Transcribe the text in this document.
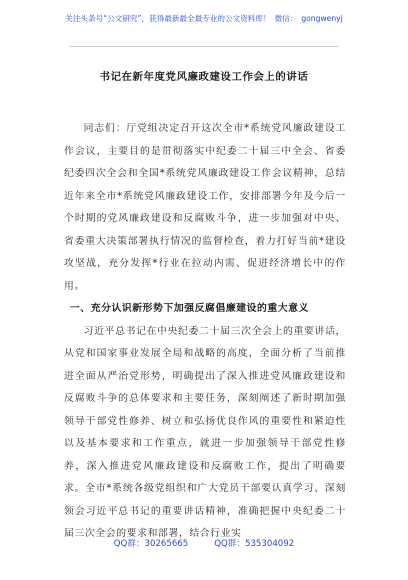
关注头条号“公文研究”，获得最新最全最专业的公文资料库！ 微信： gongwenyj
书记在新年度党风廉政建设工作会上的讲话

同志们：厅党组决定召开这次全市*系统党风廉政建设工作会议，主要目的是贯彻落实中纪委二十届三中全会、省委纪委四次全会和全国*系统党风廉政建设工作会议精神，总结近年来全市*系统党风廉政建设工作，安排部署今年及今后一个时期的党风廉政建设和反腐败斗争，进一步加强对中央、省委重大决策部署执行情况的监督检查，着力打好当前*建设攻坚战，充分发挥*行业在拉动内需、促进经济增长中的作用。

一、充分认识新形势下加强反腐倡廉建设的重大意义

习近平总书记在中央纪委二十届三次全会上的重要讲话，从党和国家事业发展全局和战略的高度，全面分析了当前推进全面从严治党形势，明确提出了深入推进党风廉政建设和反腐败斗争的总体要求和主要任务，深刻阐述了新时期加强领导干部党性修养、树立和弘扬优良作风的重要性和紧迫性以及基本要求和工作重点，就进一步加强领导干部党性修养，深入推进党风廉政建设和反腐败工作，提出了明确要求。全市*系统各级党组织和广大党员干部要认真学习、深刻领会习近平总书记的重要讲话精神，准确把握中央纪委二十届三次全会的要求和部署，结合行业实

QQ群：30265665	QQ群：535304092
